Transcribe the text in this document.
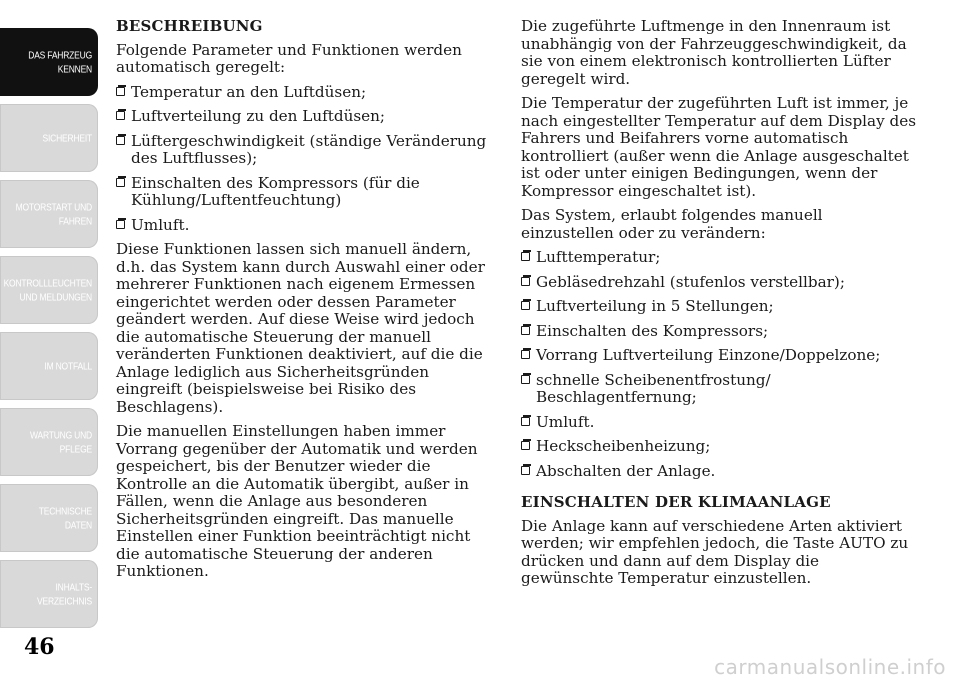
DAS FAHRZEUG
KENNEN
SICHERHEIT
MOTORSTART UND
FAHREN
KONTROLLLEUCHTEN
UND MELDUNGEN
IM NOTFALL
WARTUNG UND
PFLEGE
TECHNISCHE
DATEN
INHALTS-
VERZEICHNIS
46
BESCHREIBUNG

Folgende Parameter und Funktionen werden automatisch geregelt:

Temperatur an den Luftdüsen;
Luftverteilung zu den Luftdüsen;
Lüftergeschwindigkeit (ständige Veränderung des Luftflusses);
Einschalten des Kompressors (für die Kühlung/Luftentfeuchtung)
Umluft.

Diese Funktionen lassen sich manuell ändern, d.h. das System kann durch Auswahl einer oder mehrerer Funktionen nach eigenem Ermessen eingerichtet werden oder dessen Parameter geändert werden. Auf diese Weise wird jedoch die automatische Steuerung der manuell veränderten Funktionen deaktiviert, auf die die Anlage lediglich aus Sicherheitsgründen eingreift (beispielsweise bei Risiko des Beschlagens).

Die manuellen Einstellungen haben immer Vorrang gegenüber der Automatik und werden gespeichert, bis der Benutzer wieder die Kontrolle an die Automatik übergibt, außer in Fällen, wenn die Anlage aus besonderen Sicherheitsgründen eingreift. Das manuelle Einstellen einer Funktion beeinträchtigt nicht die automatische Steuerung der anderen Funktionen.

Die zugeführte Luftmenge in den Innenraum ist unabhängig von der Fahrzeuggeschwindigkeit, da sie von einem elektronisch kontrollierten Lüfter geregelt wird.

Die Temperatur der zugeführten Luft ist immer, je nach eingestellter Temperatur auf dem Display des Fahrers und Beifahrers vorne automatisch kontrolliert (außer wenn die Anlage ausgeschaltet ist oder unter einigen Bedingungen, wenn der Kompressor eingeschaltet ist).

Das System, erlaubt folgendes manuell einzustellen oder zu verändern:

Lufttemperatur;
Gebläsedrehzahl (stufenlos verstellbar);
Luftverteilung in 5 Stellungen;
Einschalten des Kompressors;
Vorrang Luftverteilung Einzone/Doppelzone;
schnelle Scheibenentfrostung/ Beschlagentfernung;
Umluft.
Heckscheibenheizung;
Abschalten der Anlage.
EINSCHALTEN DER KLIMAANLAGE

Die Anlage kann auf verschiedene Arten aktiviert werden; wir empfehlen jedoch, die Taste AUTO zu drücken und dann auf dem Display die gewünschte Temperatur einzustellen.

carmanualsonline.info
